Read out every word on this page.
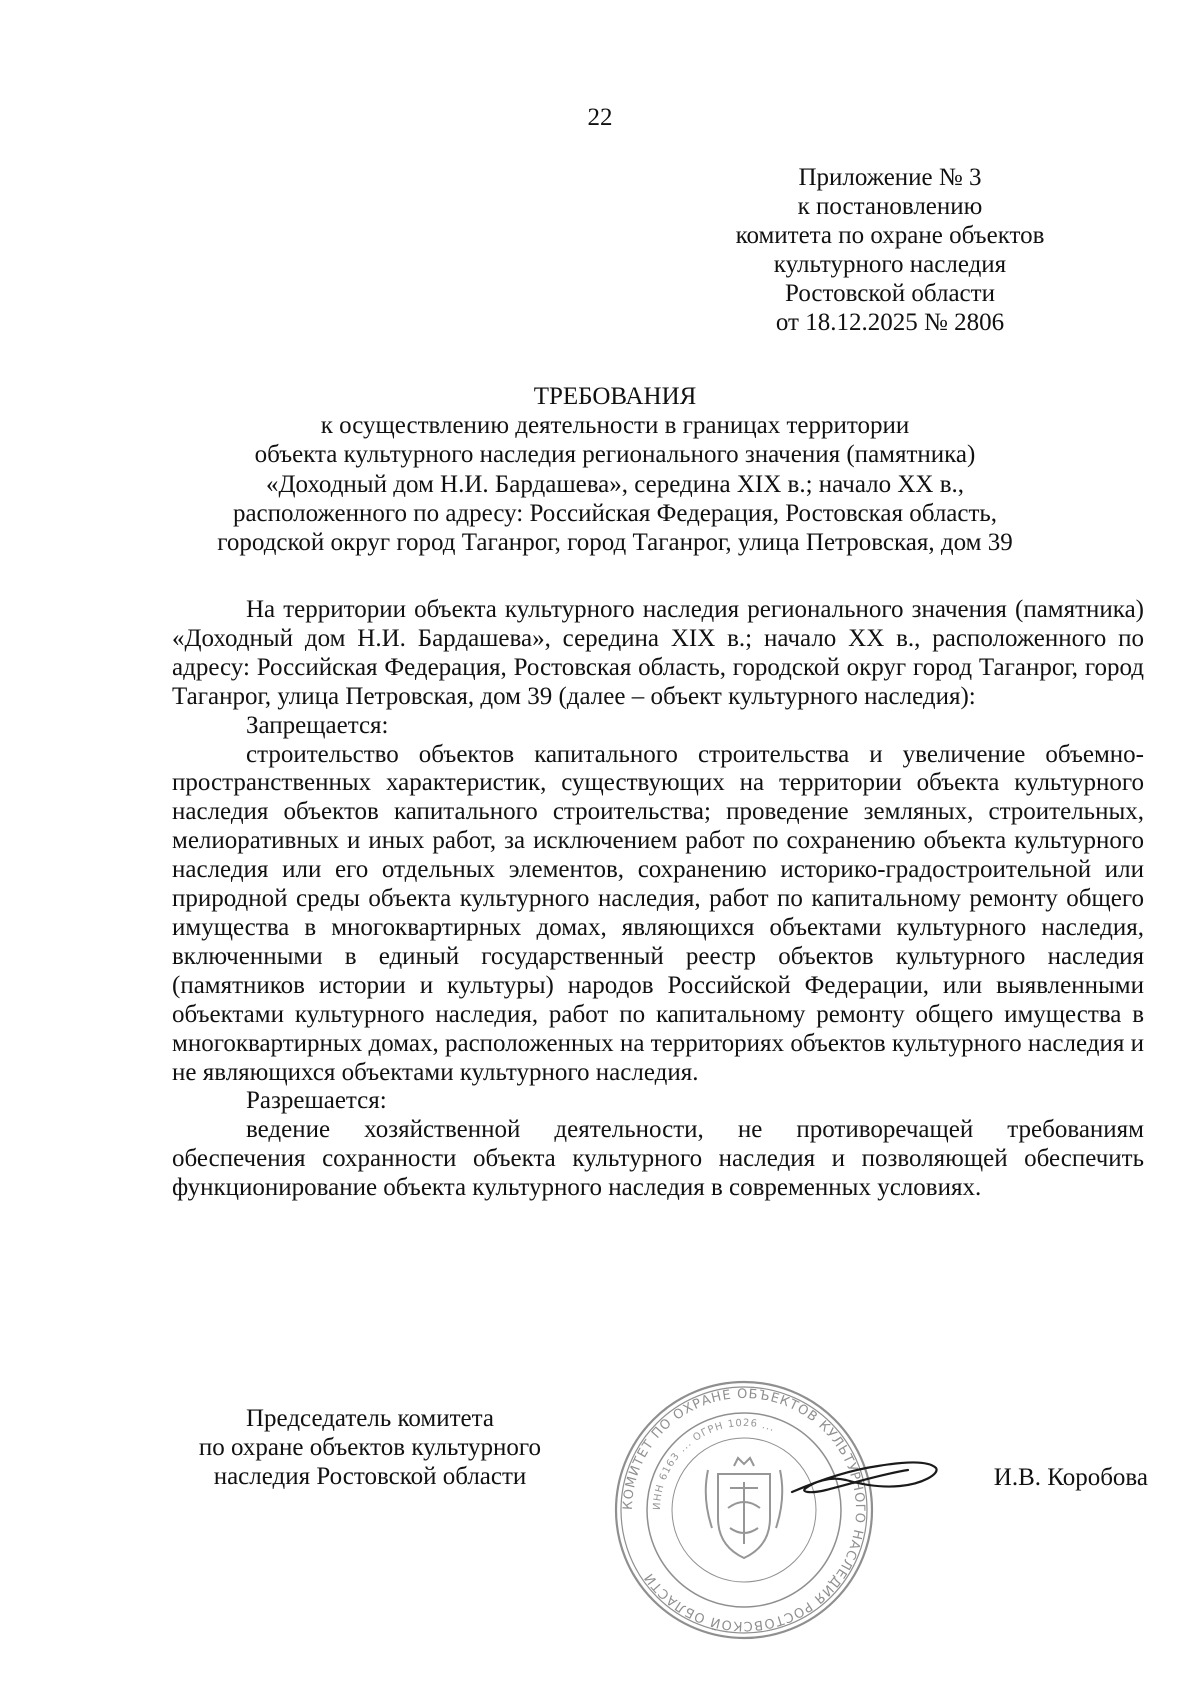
22
Приложение № 3
к постановлению
комитета по охране объектов
культурного наследия
Ростовской области
от 18.12.2025 № 2806
ТРЕБОВАНИЯ
к осуществлению деятельности в границах территории
объекта культурного наследия регионального значения (памятника)
«Доходный дом Н.И. Бардашева», середина XIX в.; начало XX в.,
расположенного по адресу: Российская Федерация, Ростовская область,
городской округ город Таганрог, город Таганрог, улица Петровская, дом 39

На территории объекта культурного наследия регионального значения (памятника) «Доходный дом Н.И. Бардашева», середина XIX в.; начало XX в., расположенного по адресу: Российская Федерация, Ростовская область, городской округ город Таганрог, город Таганрог, улица Петровская, дом 39 (далее – объект культурного наследия):

Запрещается:

строительство объектов капитального строительства и увеличение объемно-пространственных характеристик, существующих на территории объекта культурного наследия объектов капитального строительства; проведение земляных, строительных, мелиоративных и иных работ, за исключением работ по сохранению объекта культурного наследия или его отдельных элементов, сохранению историко-градостроительной или природной среды объекта культурного наследия, работ по капитальному ремонту общего имущества в многоквартирных домах, являющихся объектами культурного наследия, включенными в единый государственный реестр объектов культурного наследия (памятников истории и культуры) народов Российской Федерации, или выявленными объектами культурного наследия, работ по капитальному ремонту общего имущества в многоквартирных домах, расположенных на территориях объектов культурного наследия и не являющихся объектами культурного наследия.

Разрешается:

ведение хозяйственной деятельности, не противоречащей требованиям обеспечения сохранности объекта культурного наследия и позволяющей обеспечить функционирование объекта культурного наследия в современных условиях.

Председатель комитета
по охране объектов культурного
наследия Ростовской области
КОМИТЕТ ПО ОХРАНЕ ОБЪЕКТОВ КУЛЬТУРНОГО НАСЛЕДИЯ РОСТОВСКОЙ ОБЛАСТИ
ИНН 6163 ... ОГРН 1026 ...
И.В. Коробова
